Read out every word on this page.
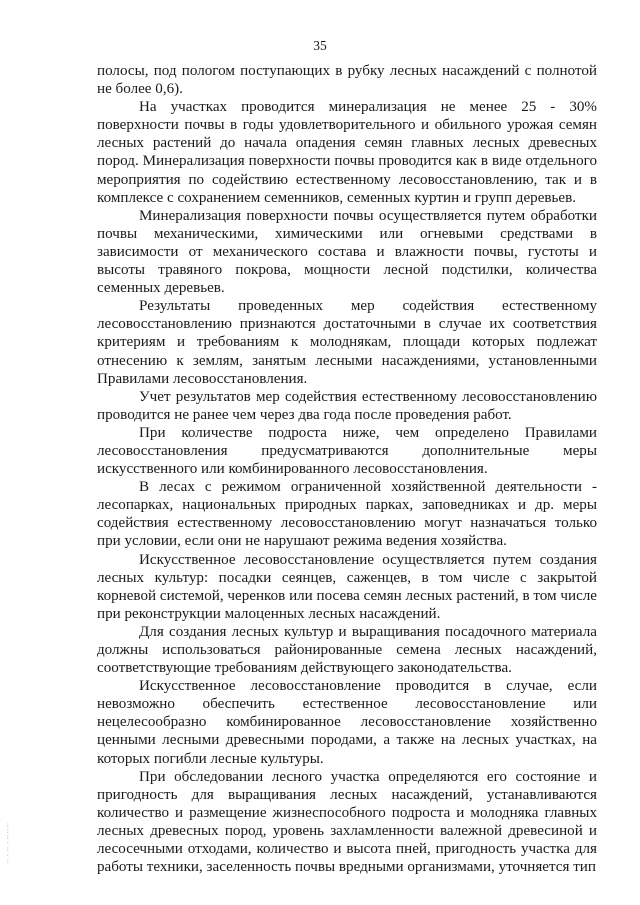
35

полосы, под пологом поступающих в рубку лесных насаждений с полнотой не более 0,6).

На участках проводится минерализация не менее 25 - 30% поверхности почвы в годы удовлетворительного и обильного урожая семян лесных растений до начала опадения семян главных лесных древесных пород. Минерализация поверхности почвы проводится как в виде отдельного мероприятия по содействию естественному лесовосстановлению, так и в комплексе с сохранением семенников, семенных куртин и групп деревьев.

Минерализация поверхности почвы осуществляется путем обработки почвы механическими, химическими или огневыми средствами в зависимости от механического состава и влажности почвы, густоты и высоты травяного покрова, мощности лесной подстилки, количества семенных деревьев.

Результаты проведенных мер содействия естественному лесовосстановлению признаются достаточными в случае их соответствия критериям и требованиям к молоднякам, площади которых подлежат отнесению к землям, занятым лесными насаждениями, установленными Правилами лесовосстановления.

Учет результатов мер содействия естественному лесовосстановлению проводится не ранее чем через два года после проведения работ.

При количестве подроста ниже, чем определено Правилами лесовосстановления предусматриваются дополнительные меры искусственного или комбинированного лесовосстановления.

В лесах с режимом ограниченной хозяйственной деятельности - лесопарках, национальных природных парках, заповедниках и др. меры содействия естественному лесовосстановлению могут назначаться только при условии, если они не нарушают режима ведения хозяйства.

Искусственное лесовосстановление осуществляется путем создания лесных культур: посадки сеянцев, саженцев, в том числе с закрытой корневой системой, черенков или посева семян лесных растений, в том числе при реконструкции малоценных лесных насаждений.

Для создания лесных культур и выращивания посадочного материала должны использоваться районированные семена лесных насаждений, соответствующие требованиям действующего законодательства.

Искусственное лесовосстановление проводится в случае, если невозможно обеспечить естественное лесовосстановление или нецелесообразно комбинированное лесовосстановление хозяйственно ценными лесными древесными породами, а также на лесных участках, на которых погибли лесные культуры.

При обследовании лесного участка определяются его состояние и пригодность для выращивания лесных насаждений, устанавливаются количество и размещение жизнеспособного подроста и молодняка главных лесных древесных пород, уровень захламленности валежной древесиной и лесосечными отходами, количество и высота пней, пригодность участка для работы техники, заселенность почвы вредными организмами, уточняется тип

:
:
:
·
:
·
:
